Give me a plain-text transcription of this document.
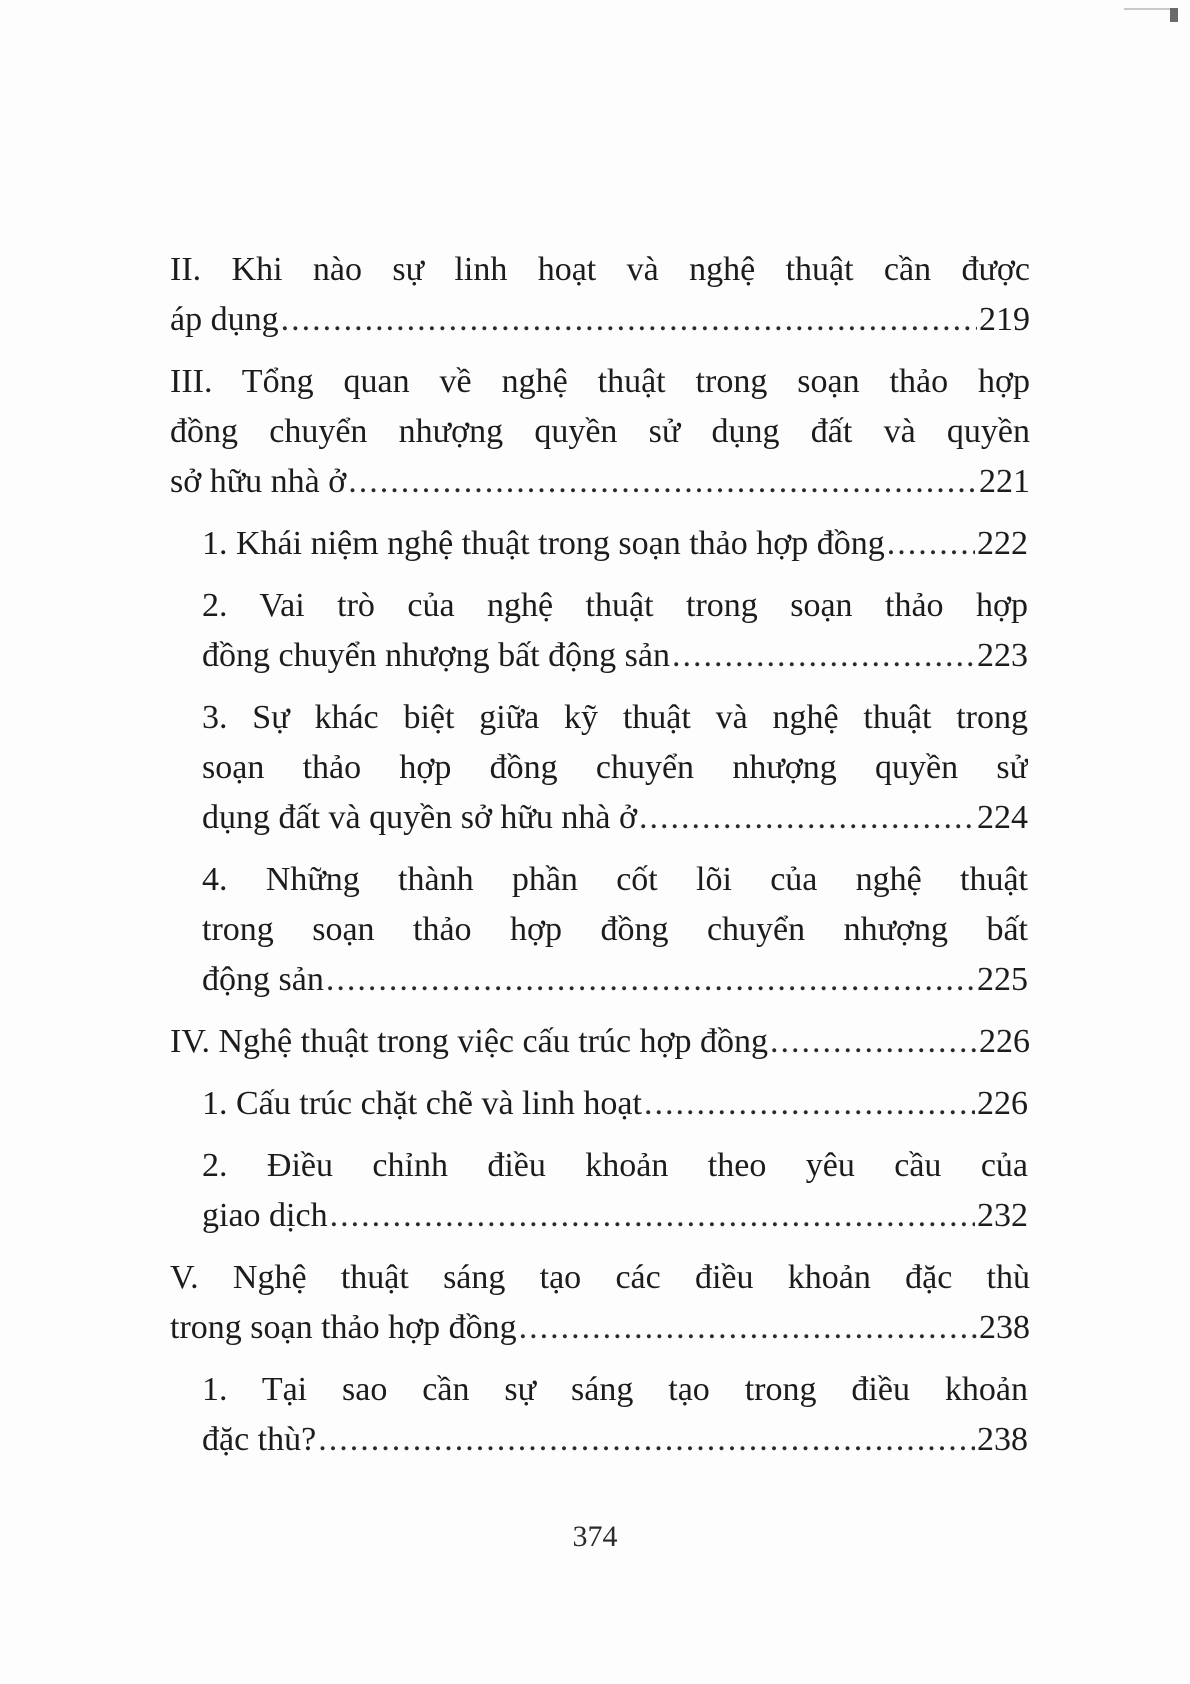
II. Khi nào sự linh hoạt và nghệ thuật cần được
áp dụng .....	219
III. Tổng quan về nghệ thuật trong soạn thảo hợp
đồng chuyển nhượng quyền sử dụng đất và quyền
sở hữu nhà ở .....	221
1. Khái niệm nghệ thuật trong soạn thảo hợp đồng .....	222
2. Vai trò của nghệ thuật trong soạn thảo hợp
đồng chuyển nhượng bất động sản .....	223
3. Sự khác biệt giữa kỹ thuật và nghệ thuật trong
soạn thảo hợp đồng chuyển nhượng quyền sử
dụng đất và quyền sở hữu nhà ở .....	224
4. Những thành phần cốt lõi của nghệ thuật
trong soạn thảo hợp đồng chuyển nhượng bất
động sản .....	225
IV. Nghệ thuật trong việc cấu trúc hợp đồng .....	226
1. Cấu trúc chặt chẽ và linh hoạt .....	226
2. Điều chỉnh điều khoản theo yêu cầu của
giao dịch .....	232
V. Nghệ thuật sáng tạo các điều khoản đặc thù
trong soạn thảo hợp đồng .....	238
1. Tại sao cần sự sáng tạo trong điều khoản
đặc thù? .....	238
374
